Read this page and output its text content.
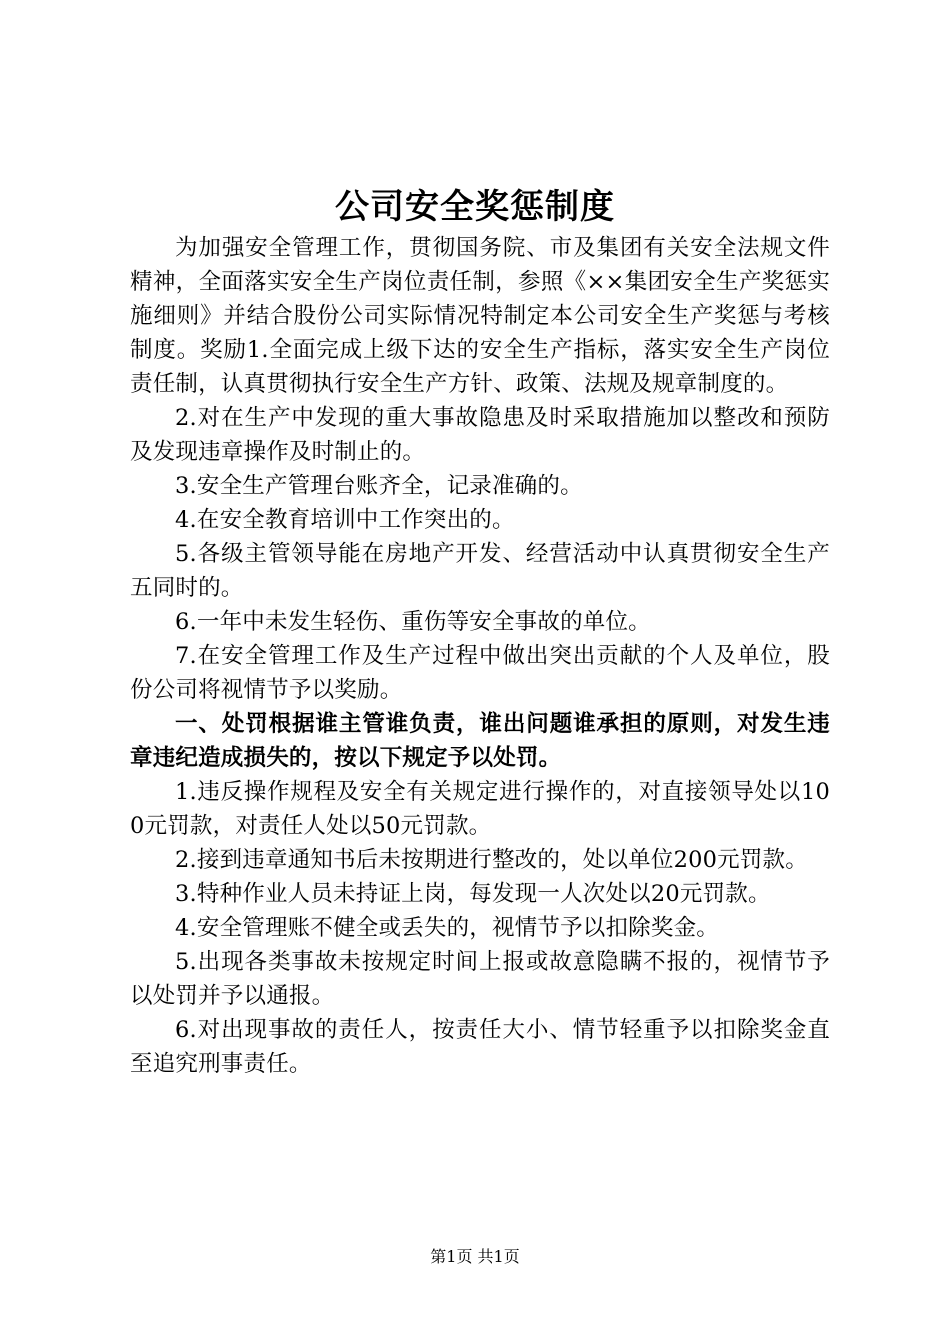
公司安全奖惩制度

为加强安全管理工作，贯彻国务院、市及集团有关安全法规文件精神，全面落实安全生产岗位责任制，参照《××集团安全生产奖惩实施细则》并结合股份公司实际情况特制定本公司安全生产奖惩与考核制度。奖励1.全面完成上级下达的安全生产指标，落实安全生产岗位责任制，认真贯彻执行安全生产方针、政策、法规及规章制度的。

2.对在生产中发现的重大事故隐患及时采取措施加以整改和预防及发现违章操作及时制止的。

3.安全生产管理台账齐全，记录准确的。

4.在安全教育培训中工作突出的。

5.各级主管领导能在房地产开发、经营活动中认真贯彻安全生产五同时的。

6.一年中未发生轻伤、重伤等安全事故的单位。

7.在安全管理工作及生产过程中做出突出贡献的个人及单位，股份公司将视情节予以奖励。

一、处罚根据谁主管谁负责，谁出问题谁承担的原则，对发生违章违纪造成损失的，按以下规定予以处罚。

1.违反操作规程及安全有关规定进行操作的，对直接领导处以100元罚款，对责任人处以50元罚款。

2.接到违章通知书后未按期进行整改的，处以单位200元罚款。

3.特种作业人员未持证上岗，每发现一人次处以20元罚款。

4.安全管理账不健全或丢失的，视情节予以扣除奖金。

5.出现各类事故未按规定时间上报或故意隐瞒不报的，视情节予以处罚并予以通报。

6.对出现事故的责任人，按责任大小、情节轻重予以扣除奖金直至追究刑事责任。

第1页 共1页
